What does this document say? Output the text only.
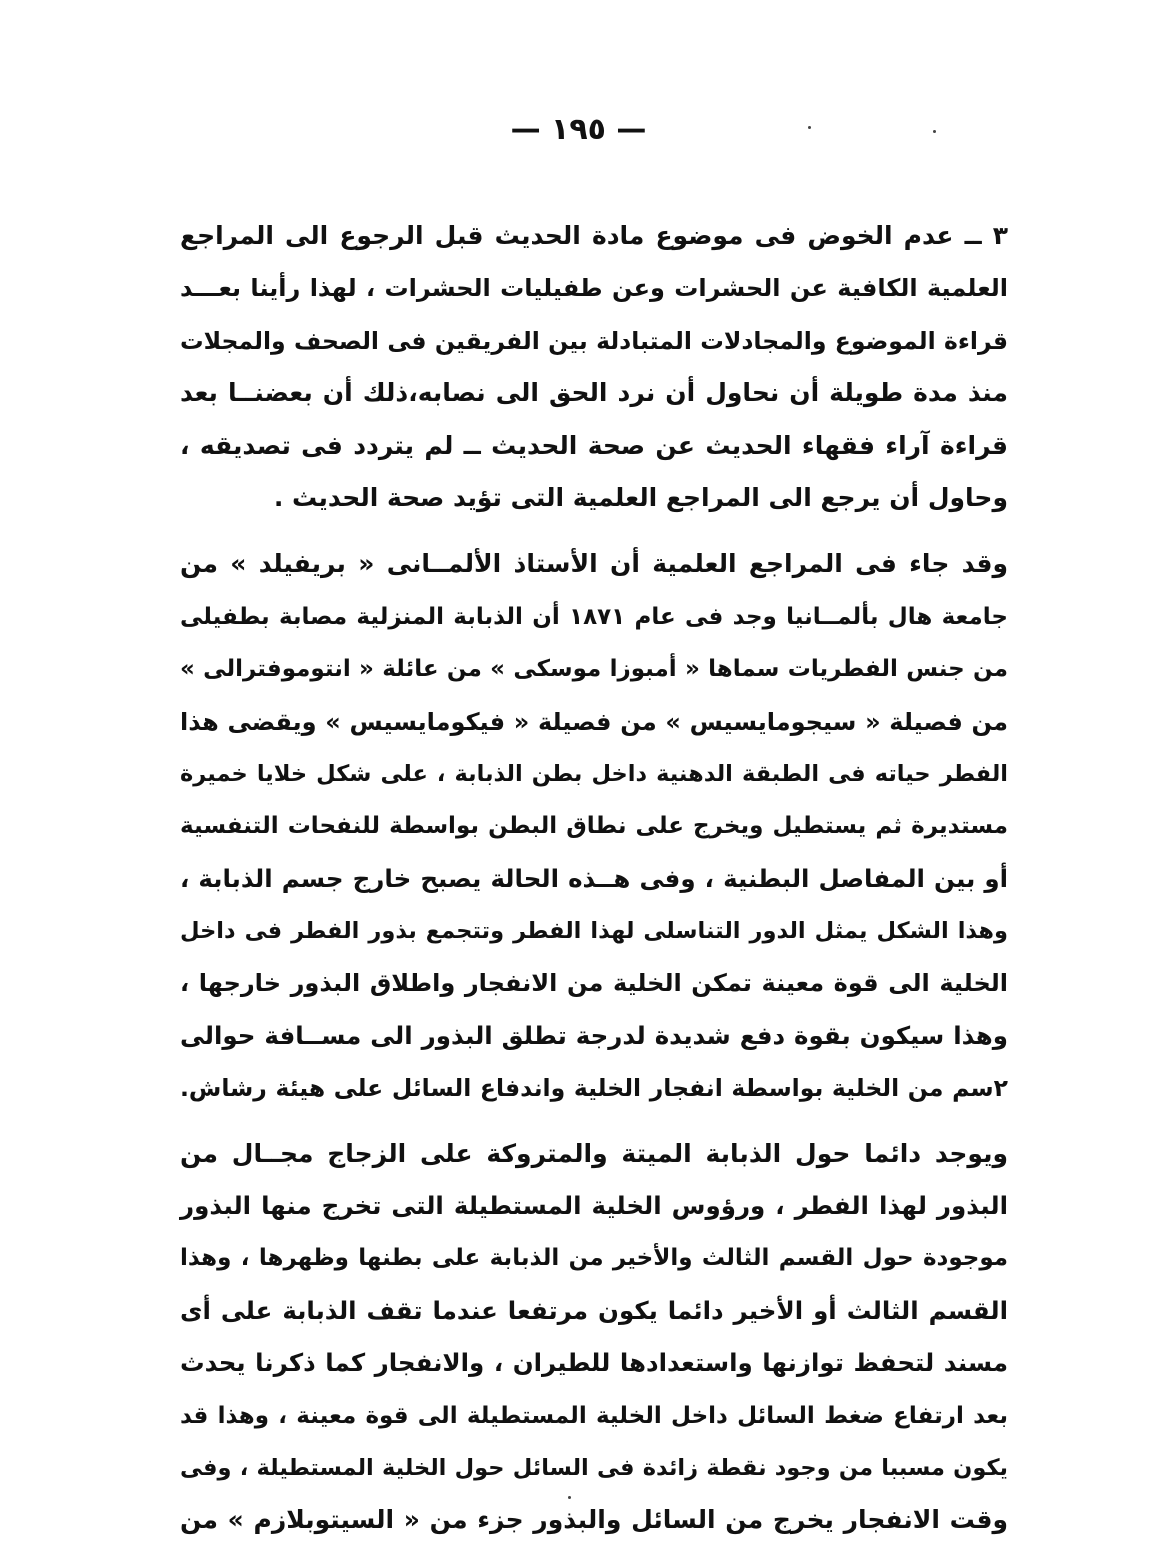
— ١٩٥ —
٣ ــ عدم الخوض فى موضوع مادة الحديث قبل الرجوع الى المراجع
العلمية الكافية عن الحشرات وعن طفيليات الحشرات ، لهذا رأينا بعـــد
قراءة الموضوع والمجادلات المتبادلة بين الفريقين فى الصحف والمجلات
منذ مدة طويلة أن نحاول أن نرد الحق الى نصابه،ذلك أن بعضنــا بعد
قراءة آراء فقهاء الحديث عن صحة الحديث ــ لم يتردد فى تصديقه ،
وحاول أن يرجع الى المراجع العلمية التى تؤيد صحة الحديث .
وقد جاء فى المراجع العلمية أن الأستاذ الألمــانى « بريفيلد » من
جامعة هال بألمــانيا وجد فى عام ١٨٧١ أن الذبابة المنزلية مصابة بطفيلى
من جنس الفطريات سماها « أمبوزا موسكى » من عائلة « انتوموفترالى »
من فصيلة « سيجومايسيس » من فصيلة « فيكومايسيس » ويقضى هذا
الفطر حياته فى الطبقة الدهنية داخل بطن الذبابة ، على شكل خلايا خميرة
مستديرة ثم يستطيل ويخرج على نطاق البطن بواسطة للنفحات التنفسية
أو بين المفاصل البطنية ، وفى هــذه الحالة يصبح خارج جسم الذبابة ،
وهذا الشكل يمثل الدور التناسلى لهذا الفطر وتتجمع بذور الفطر فى داخل
الخلية الى قوة معينة تمكن الخلية من الانفجار واطلاق البذور خارجها ،
وهذا سيكون بقوة دفع شديدة لدرجة تطلق البذور الى مســافة حوالى
٢سم من الخلية بواسطة انفجار الخلية واندفاع السائل على هيئة رشاش.
ويوجد دائما حول الذبابة الميتة والمتروكة على الزجاج مجــال من
البذور لهذا الفطر ، ورؤوس الخلية المستطيلة التى تخرج منها البذور
موجودة حول القسم الثالث والأخير من الذبابة على بطنها وظهرها ، وهذا
القسم الثالث أو الأخير دائما يكون مرتفعا عندما تقف الذبابة على أى
مسند لتحفظ توازنها واستعدادها للطيران ، والانفجار كما ذكرنا يحدث
بعد ارتفاع ضغط السائل داخل الخلية المستطيلة الى قوة معينة ، وهذا قد
يكون مسببا من وجود نقطة زائدة فى السائل حول الخلية المستطيلة ، وفى
وقت الانفجار يخرج من السائل والبذور جزء من « السيتوبلازم » من
